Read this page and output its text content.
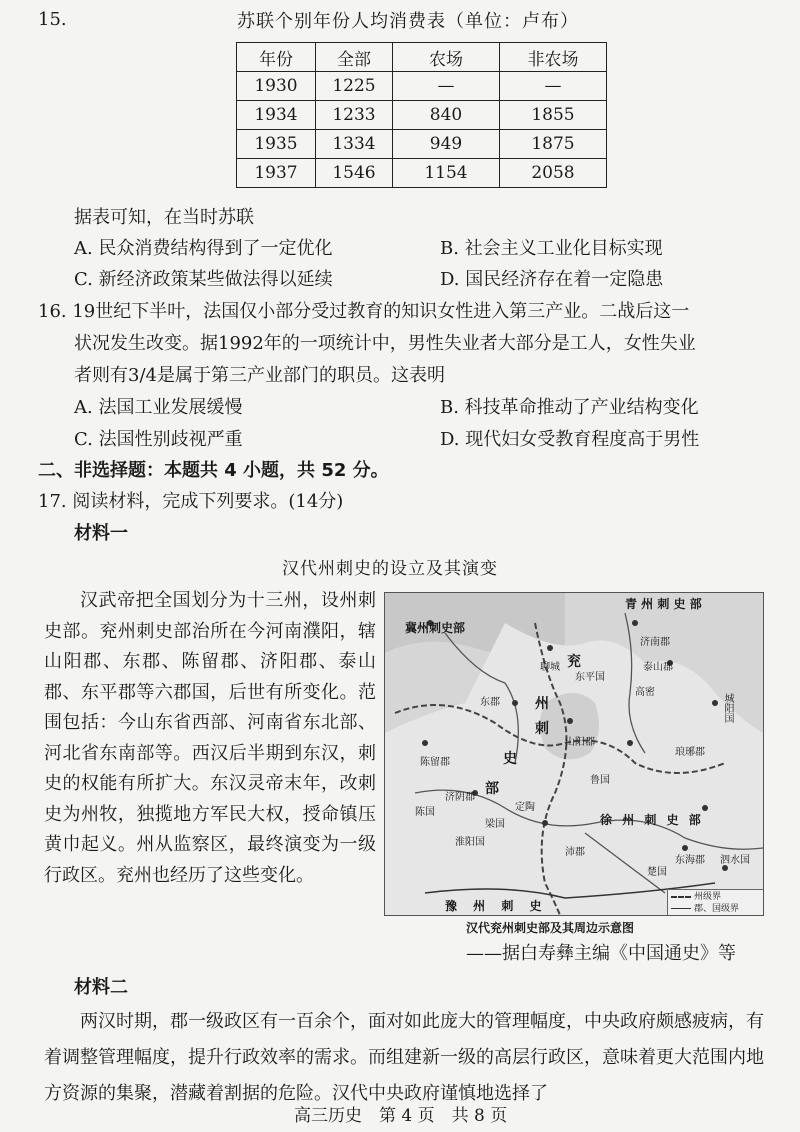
15.	苏联个别年份人均消费表（单位：卢布）
年份	全部	农场	非农场
1930	1225	—	—
1934	1233	840	1855
1935	1334	949	1875
1937	1546	1154	2058
据表可知，在当时苏联
A. 民众消费结构得到了一定优化	B. 社会主义工业化目标实现
C. 新经济政策某些做法得以延续	D. 国民经济存在着一定隐患
16. 19世纪下半叶，法国仅小部分受过教育的知识女性进入第三产业。二战后这一
状况发生改变。据1992年的一项统计中，男性失业者大部分是工人，女性失业
者则有3/4是属于第三产业部门的职员。这表明
A. 法国工业发展缓慢	B. 科技革命推动了产业结构变化
C. 法国性别歧视严重	D. 现代妇女受教育程度高于男性
二、非选择题：本题共 4 小题，共 52 分。
17. 阅读材料，完成下列要求。(14分)
材料一
汉代州刺史的设立及其演变

汉武帝把全国划分为十三州，设州刺史部。兖州刺史部治所在今河南濮阳，辖山阳郡、东郡、陈留郡、济阳郡、泰山郡、东平郡等六郡国，后世有所变化。范围包括：今山东省西部、河南省东北部、河北省东南部等。西汉后半期到东汉，刺史的权能有所扩大。东汉灵帝末年，改刺史为州牧，独揽地方军民大权，授命镇压黄巾起义。州从监察区，最终演变为一级行政区。兖州也经历了这些变化。

青 州 刺 史 部
冀州刺史部
徐 州 刺 史 部
豫 州 刺 史
兖
州
刺
史
部
东郡
山阳郡
泰山郡
东平国
陈留郡
济阴郡
琅琊郡
城阳国
东海郡
楚国
泗水国
高密
济南郡
梁国
沛郡
淮阳国
鲁国
陈国	定陶
聊城
州级界
郡、国级界
汉代兖州刺史部及其周边示意图
——据白寿彝主编《中国通史》等
材料二

两汉时期，郡一级政区有一百余个，面对如此庞大的管理幅度，中央政府颇感疲病，有着调整管理幅度，提升行政效率的需求。而组建新一级的高层行政区，意味着更大范围内地方资源的集聚，潜藏着割据的危险。汉代中央政府谨慎地选择了

高三历史　第 4 页　共 8 页
